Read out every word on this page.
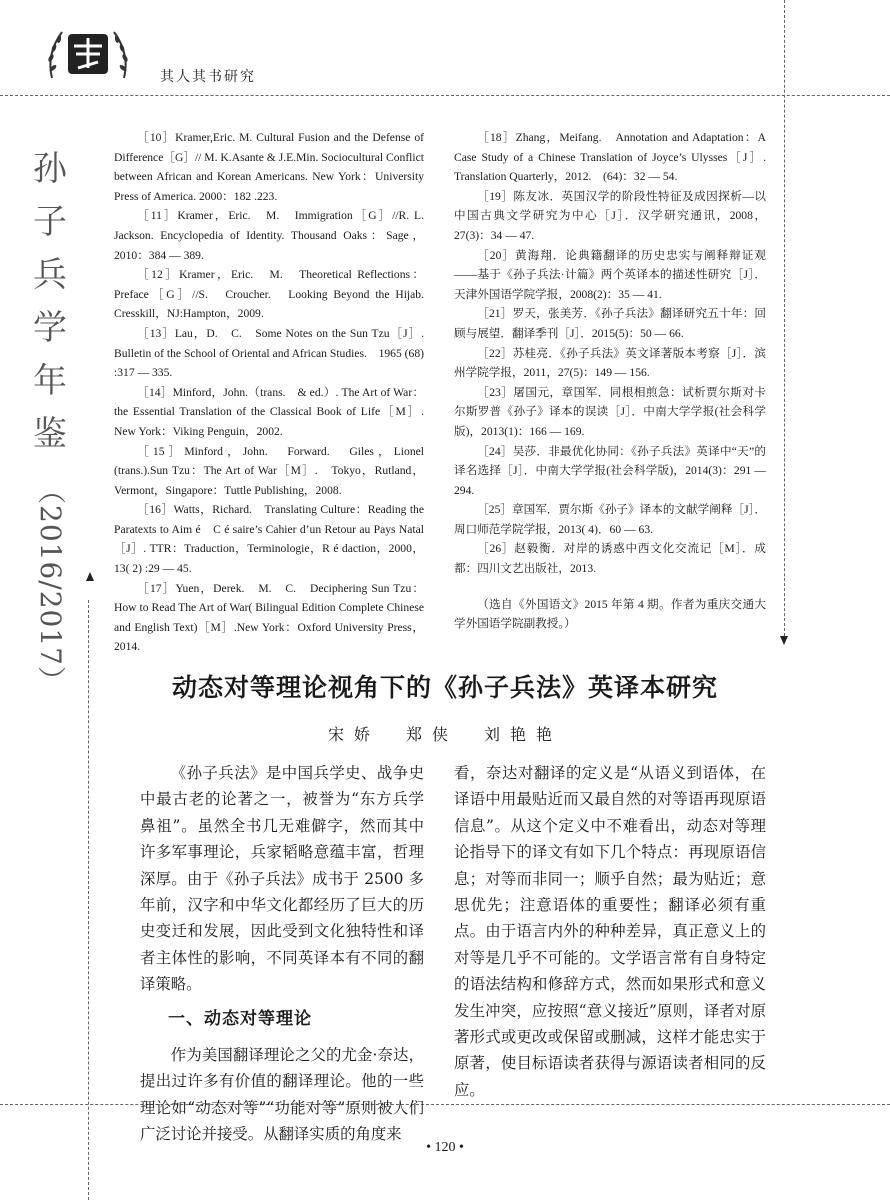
其人其书研究
孙
子
兵
学
年
鉴
（2016/2017）

［10］Kramer,Eric. M. Cultural Fusion and the Defense of Difference［G］// M. K.Asante & J.E.Min. Sociocultural Conflict between African and Korean Americans. New York：University Press of America. 2000：182 .223.

［11］Kramer，Eric.　M.　Immigration［G］//R. L. Jackson. Encyclopedia of Identity. Thousand Oaks：Sage，2010：384 — 389.

［12］Kramer，Eric.　M.　Theoretical Reflections：Preface［G］//S.　Croucher.　Looking Beyond the Hijab. Cresskill，NJ:Hampton，2009.

［13］Lau，D.　C.　Some Notes on the Sun Tzu［J］. Bulletin of the School of Oriental and African Studies.　1965 (68) :317 — 335.

［14］Minford，John.（trans.　& ed.）. The Art of War：the Essential Translation of the Classical Book of Life［M］.　New York：Viking Penguin，2002.

［15］Minford，John.　Forward.　Giles，Lionel (trans.).Sun Tzu：The Art of War［M］.　Tokyo，Rutland，Vermont，Singapore：Tuttle Publishing，2008.

［16］Watts，Richard.　Translating Culture：Reading the Paratexts to Aim é　C é saire’s Cahier d’un Retour au Pays Natal［J］. TTR：Traduction，Terminologie，R é daction，2000，13( 2) :29 — 45.

［17］Yuen，Derek.　M.　C.　Deciphering Sun Tzu：How to Read The Art of War( Bilingual Edition Complete Chinese and English Text)［M］.New York：Oxford University Press，2014.

［18］Zhang，Meifang.　Annotation and Adaptation：A Case Study of a Chinese Translation of Joyce’s Ulysses［J］. Translation Quarterly，2012.　(64)：32 — 54.

［19］陈友冰．英国汉学的阶段性特征及成因探析—以中国古典文学研究为中心［J］．汉学研究通讯，2008，27(3)：34 — 47.

［20］黄海翔．论典籍翻译的历史忠实与阐释辩证观——基于《孙子兵法·计篇》两个英译本的描述性研究［J］．天津外国语学院学报，2008(2)：35 — 41.

［21］罗天，张美芳．《孙子兵法》翻译研究五十年：回顾与展望．翻译季刊［J］．2015(5)：50 — 66.

［22］苏桂亮．《孙子兵法》英文译著版本考察［J］．滨州学院学报，2011，27(5)：149 — 156.

［23］屠国元，章国军．同根相煎急：试析贾尔斯对卡尔斯罗普《孙子》译本的误读［J］．中南大学学报(社会科学版)，2013(1)：166 — 169.

［24］吴莎．非最优化协同：《孙子兵法》英译中“天”的译名选择［J］．中南大学学报(社会科学版)，2014(3)：291 — 294.

［25］章国军．贾尔斯《孙子》译本的文献学阐释［J］．周口师范学院学报，2013( 4)．60 — 63.

［26］赵毅衡．对岸的诱惑中西文化交流记［M］．成都：四川文艺出版社，2013.

（选自《外国语文》2015 年第 4 期。作者为重庆交通大学外国语学院副教授。）

动态对等理论视角下的《孙子兵法》英译本研究
宋娇　郑侠　刘艳艳

《孙子兵法》是中国兵学史、战争史中最古老的论著之一，被誉为“东方兵学鼻祖”。虽然全书几无难僻字，然而其中许多军事理论，兵家韬略意蕴丰富，哲理深厚。由于《孙子兵法》成书于 2500 多年前，汉字和中华文化都经历了巨大的历史变迁和发展，因此受到文化独特性和译者主体性的影响，不同英译本有不同的翻译策略。

一、动态对等理论

作为美国翻译理论之父的尤金·奈达，提出过许多有价值的翻译理论。他的一些理论如“动态对等”“功能对等”原则被人们广泛讨论并接受。从翻译实质的角度来

看，奈达对翻译的定义是“从语义到语体，在译语中用最贴近而又最自然的对等语再现原语信息”。从这个定义中不难看出，动态对等理论指导下的译文有如下几个特点：再现原语信息；对等而非同一；顺乎自然；最为贴近；意思优先；注意语体的重要性；翻译必须有重点。由于语言内外的种种差异，真正意义上的对等是几乎不可能的。文学语言常有自身特定的语法结构和修辞方式，然而如果形式和意义发生冲突，应按照“意义接近”原则，译者对原著形式或更改或保留或删减，这样才能忠实于原著，使目标语读者获得与源语读者相同的反应。

• 120 •
